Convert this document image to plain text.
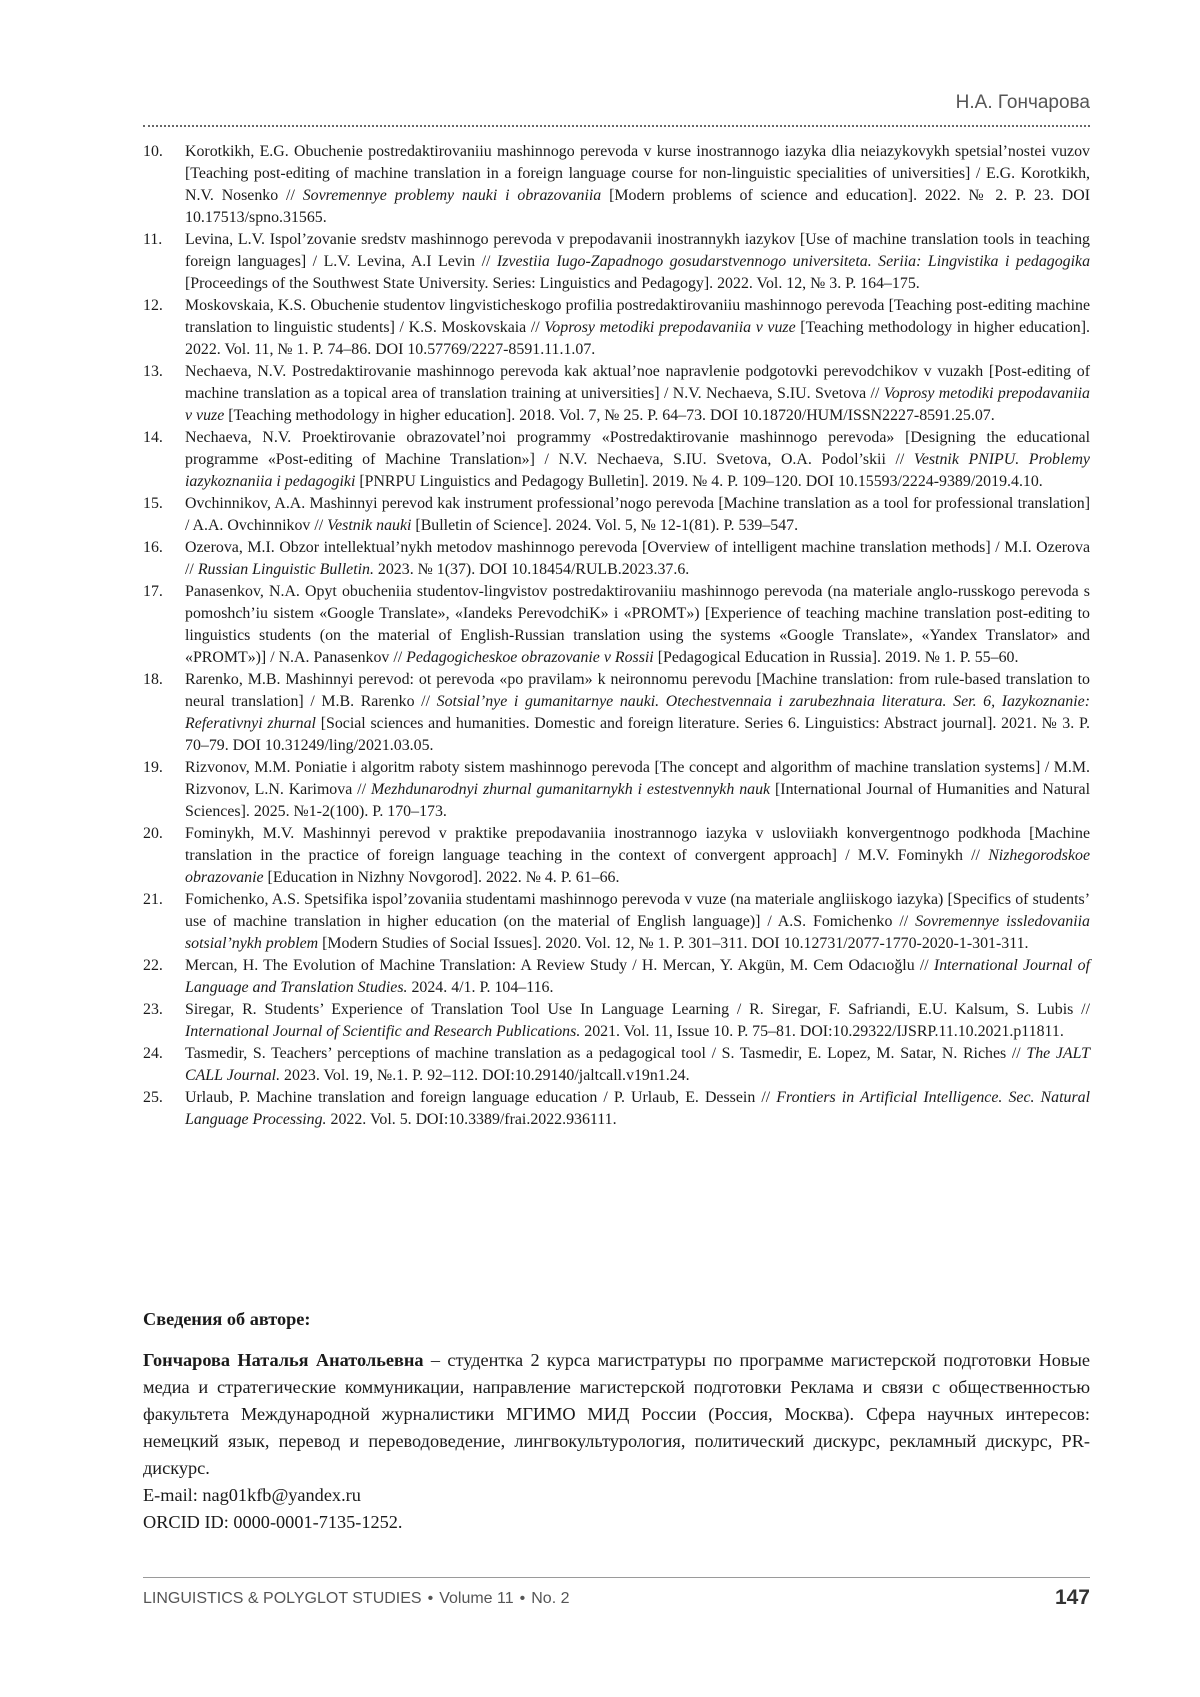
Н.А. Гончарова
10. Korotkikh, E.G. Obuchenie postredaktirovaniiu mashinnogo perevoda v kurse inostrannogo iazyka dlia neiazykovykh spetsial’nostei vuzov [Teaching post-editing of machine translation in a foreign language course for non-linguistic specialities of universities] / E.G. Korotkikh, N.V. Nosenko // Sovremennye problemy nauki i obrazovaniia [Modern problems of science and education]. 2022. № 2. P. 23. DOI 10.17513/spno.31565.
11. Levina, L.V. Ispol’zovanie sredstv mashinnogo perevoda v prepodavanii inostrannykh iazykov [Use of machine translation tools in teaching foreign languages] / L.V. Levina, A.I Levin // Izvestiia Iugo-Zapadnogo gosudarstvennogo universiteta. Seriia: Lingvistika i pedagogika [Proceedings of the Southwest State University. Series: Linguistics and Pedagogy]. 2022. Vol. 12, № 3. P. 164–175.
12. Moskovskaia, K.S. Obuchenie studentov lingvisticheskogo profilia postredaktirovaniiu mashinnogo perevoda [Teaching post-editing machine translation to linguistic students] / K.S. Moskovskaia // Voprosy metodiki prepodavaniia v vuze [Teaching methodology in higher education]. 2022. Vol. 11, № 1. P. 74–86. DOI 10.57769/2227-8591.11.1.07.
13. Nechaeva, N.V. Postredaktirovanie mashinnogo perevoda kak aktual’noe napravlenie podgotovki perevodchikov v vuzakh [Post-editing of machine translation as a topical area of translation training at universities] / N.V. Nechaeva, S.IU. Svetova // Voprosy metodiki prepodavaniia v vuze [Teaching methodology in higher education]. 2018. Vol. 7, № 25. P. 64–73. DOI 10.18720/HUM/ISSN2227-8591.25.07.
14. Nechaeva, N.V. Proektirovanie obrazovatel’noi programmy «Postredaktirovanie mashinnogo perevoda» [Designing the educational programme «Post-editing of Machine Translation»] / N.V. Nechaeva, S.IU. Svetova, O.A. Podol’skii // Vestnik PNIPU. Problemy iazykoznaniia i pedagogiki [PNRPU Linguistics and Pedagogy Bulletin]. 2019. № 4. P. 109–120. DOI 10.15593/2224-9389/2019.4.10.
15. Ovchinnikov, A.A. Mashinnyi perevod kak instrument professional’nogo perevoda [Machine translation as a tool for professional translation] / A.A. Ovchinnikov // Vestnik nauki [Bulletin of Science]. 2024. Vol. 5, № 12-1(81). P. 539–547.
16. Ozerova, M.I. Obzor intellektual’nykh metodov mashinnogo perevoda [Overview of intelligent machine translation methods] / M.I. Ozerova // Russian Linguistic Bulletin. 2023. № 1(37). DOI 10.18454/RULB.2023.37.6.
17. Panasenkov, N.A. Opyt obucheniia studentov-lingvistov postredaktirovaniiu mashinnogo perevoda (na materiale anglo-russkogo perevoda s pomoshch’iu sistem «Google Translate», «Iandeks PerevodchiK» i «PROMT») [Experience of teaching machine translation post-editing to linguistics students (on the material of English-Russian translation using the systems «Google Translate», «Yandex Translator» and «PROMT»)] / N.A. Panasenkov // Pedagogicheskoe obrazovanie v Rossii [Pedagogical Education in Russia]. 2019. № 1. P. 55–60.
18. Rarenko, M.B. Mashinnyi perevod: ot perevoda «po pravilam» k neironnomu perevodu [Machine translation: from rule-based translation to neural translation] / M.B. Rarenko // Sotsial’nye i gumanitarnye nauki. Otechestvennaia i zarubezhnaia literatura. Ser. 6, Iazykoznanie: Referativnyi zhurnal [Social sciences and humanities. Domestic and foreign literature. Series 6. Linguistics: Abstract journal]. 2021. № 3. P. 70–79. DOI 10.31249/ling/2021.03.05.
19. Rizvonov, M.M. Poniatie i algoritm raboty sistem mashinnogo perevoda [The concept and algorithm of machine translation systems] / M.M. Rizvonov, L.N. Karimova // Mezhdunarodnyi zhurnal gumanitarnykh i estestvennykh nauk [International Journal of Humanities and Natural Sciences]. 2025. №1-2(100). P. 170–173.
20. Fominykh, M.V. Mashinnyi perevod v praktike prepodavaniia inostrannogo iazyka v usloviiakh konvergentnogo podkhoda [Machine translation in the practice of foreign language teaching in the context of convergent approach] / M.V. Fominykh // Nizhegorodskoe obrazovanie [Education in Nizhny Novgorod]. 2022. № 4. P. 61–66.
21. Fomichenko, A.S. Spetsifika ispol’zovaniia studentami mashinnogo perevoda v vuze (na materiale angliiskogo iazyka) [Specifics of students’ use of machine translation in higher education (on the material of English language)] / A.S. Fomichenko // Sovremennye issledovaniia sotsial’nykh problem [Modern Studies of Social Issues]. 2020. Vol. 12, № 1. P. 301–311. DOI 10.12731/2077-1770-2020-1-301-311.
22. Mercan, H. The Evolution of Machine Translation: A Review Study / H. Mercan, Y. Akgün, M. Cem Odacıoğlu // International Journal of Language and Translation Studies. 2024. 4/1. P. 104–116.
23. Siregar, R. Students’ Experience of Translation Tool Use In Language Learning / R. Siregar, F. Safriandi, E.U. Kalsum, S. Lubis // International Journal of Scientific and Research Publications. 2021. Vol. 11, Issue 10. P. 75–81. DOI:10.29322/IJSRP.11.10.2021.p11811.
24. Tasmedir, S. Teachers’ perceptions of machine translation as a pedagogical tool / S. Tasmedir, E. Lopez, M. Satar, N. Riches // The JALT CALL Journal. 2023. Vol. 19, №.1. P. 92–112. DOI:10.29140/jaltcall.v19n1.24.
25. Urlaub, P. Machine translation and foreign language education / P. Urlaub, E. Dessein // Frontiers in Artificial Intelligence. Sec. Natural Language Processing. 2022. Vol. 5. DOI:10.3389/frai.2022.936111.

Сведения об авторе:

Гончарова Наталья Анатольевна – студентка 2 курса магистратуры по программе магистерской подготовки Новые медиа и стратегические коммуникации, направление магистерской подготовки Реклама и связи с общественностью факультета Международной журналистики МГИМО МИД России (Россия, Москва). Сфера научных интересов: немецкий язык, перевод и переводоведение, лингвокультурология, политический дискурс, рекламный дискурс, PR-дискурс.

E-mail: nag01kfb@yandex.ru

ORCID ID: 0000-0001-7135-1252.

LINGUISTICS & POLYGLOT STUDIES • Volume 11 • No. 2	147
